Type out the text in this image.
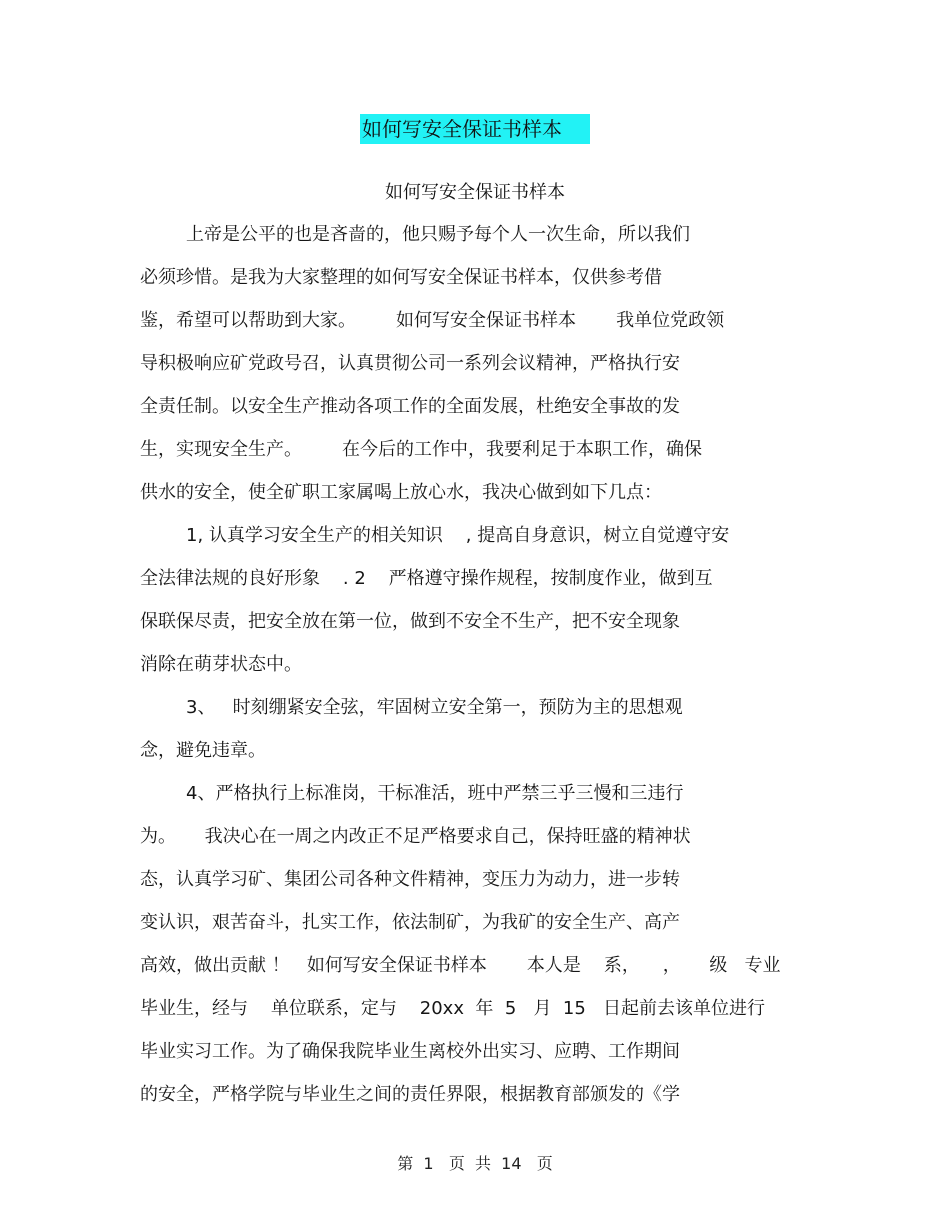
如何写安全保证书样本
如何写安全保证书样本
上帝是公平的也是吝啬的，他只赐予每个人一次生命，所以我们
必须珍惜。是我为大家整理的如何写安全保证书样本，仅供参考借
鉴，希望可以帮助到大家。       如何写安全保证书样本       我单位党政领
导积极响应矿党政号召，认真贯彻公司一系列会议精神，严格执行安
全责任制。以安全生产推动各项工作的全面发展，杜绝安全事故的发
生，实现安全生产。       在今后的工作中，我要利足于本职工作，确保
供水的安全，使全矿职工家属喝上放心水，我决心做到如下几点：
1, 认真学习安全生产的相关知识    , 提高自身意识，树立自觉遵守安
全法律法规的良好形象    . 2    严格遵守操作规程，按制度作业，做到互
保联保尽责，把安全放在第一位，做到不安全不生产，把不安全现象
消除在萌芽状态中。
3、   时刻绷紧安全弦，牢固树立安全第一，预防为主的思想观
念，避免违章。
4、严格执行上标准岗，干标准活，班中严禁三乎三慢和三违行
为。     我决心在一周之内改正不足严格要求自己，保持旺盛的精神状
态，认真学习矿、集团公司各种文件精神，变压力为动力，进一步转
变认识，艰苦奋斗，扎实工作，依法制矿，为我矿的安全生产、高产
高效，做出贡献 ！   如何写安全保证书样本       本人是    系，    ，     级   专业
毕业生，经与    单位联系，定与    20xx  年  5   月  15   日起前去该单位进行
毕业实习工作。为了确保我院毕业生离校外出实习、应聘、工作期间
的安全，严格学院与毕业生之间的责任界限，根据教育部颁发的《学
第  1   页  共  14   页
